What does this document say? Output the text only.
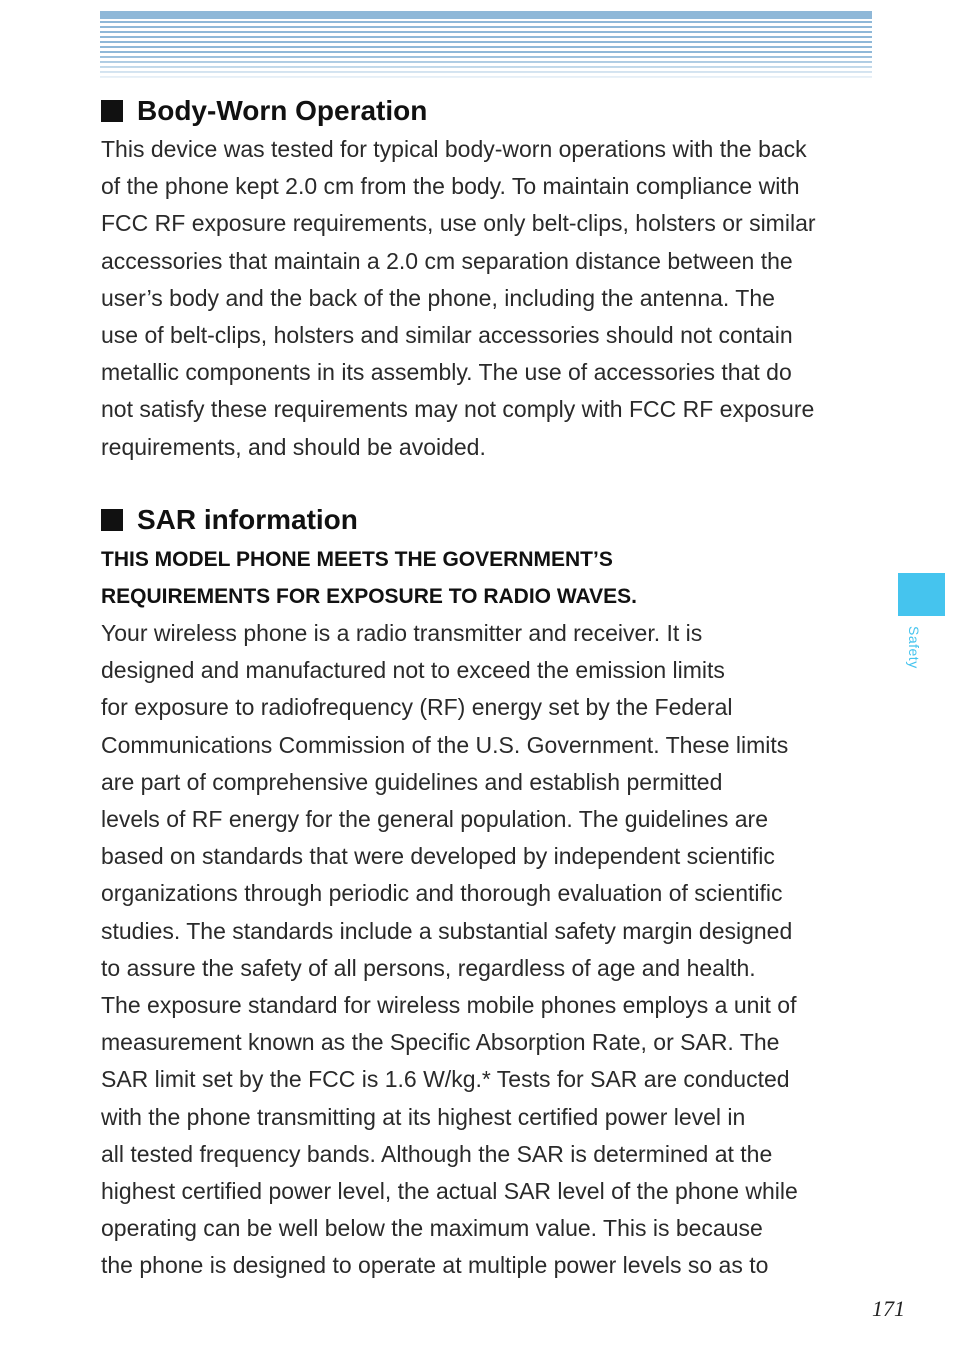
Body-Worn Operation

This device was tested for typical body-worn operations with the back
of the phone kept 2.0 cm from the body. To maintain compliance with
FCC RF exposure requirements, use only belt-clips, holsters or similar
accessories that maintain a 2.0 cm separation distance between the
user’s body and the back of the phone, including the antenna. The
use of belt-clips, holsters and similar accessories should not contain
metallic components in its assembly. The use of accessories that do
not satisfy these requirements may not comply with FCC RF exposure
requirements, and should be avoided.

SAR information

THIS MODEL PHONE MEETS THE GOVERNMENT’S
REQUIREMENTS FOR EXPOSURE TO RADIO WAVES.

Your wireless phone is a radio transmitter and receiver. It is
designed and manufactured not to exceed the emission limits
for exposure to radiofrequency (RF) energy set by the Federal
Communications Commission of the U.S. Government. These limits
are part of comprehensive guidelines and establish permitted
levels of RF energy for the general population. The guidelines are
based on standards that were developed by independent scientific
organizations through periodic and thorough evaluation of scientific
studies. The standards include a substantial safety margin designed
to assure the safety of all persons, regardless of age and health.
The exposure standard for wireless mobile phones employs a unit of
measurement known as the Specific Absorption Rate, or SAR. The
SAR limit set by the FCC is 1.6 W/kg.* Tests for SAR are conducted
with the phone transmitting at its highest certified power level in
all tested frequency bands. Although the SAR is determined at the
highest certified power level, the actual SAR level of the phone while
operating can be well below the maximum value. This is because
the phone is designed to operate at multiple power levels so as to

Safety
171
